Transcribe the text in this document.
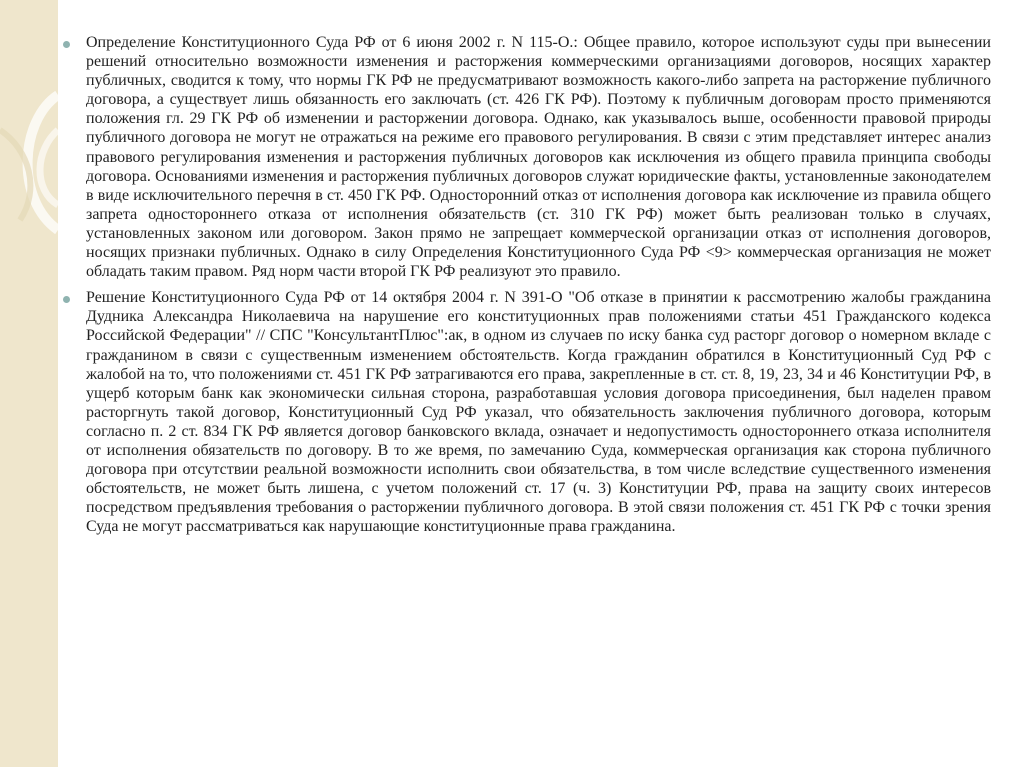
Определение Конституционного Суда РФ от 6 июня 2002 г. N 115-О.: Общее правило, которое используют суды при вынесении решений относительно возможности изменения и расторжения коммерческими организациями договоров, носящих характер публичных, сводится к тому, что нормы ГК РФ не предусматривают возможность какого-либо запрета на расторжение публичного договора, а существует лишь обязанность его заключать (ст. 426 ГК РФ). Поэтому к публичным договорам просто применяются положения гл. 29 ГК РФ об изменении и расторжении договора. Однако, как указывалось выше, особенности правовой природы публичного договора не могут не отражаться на режиме его правового регулирования. В связи с этим представляет интерес анализ правового регулирования изменения и расторжения публичных договоров как исключения из общего правила принципа свободы договора. Основаниями изменения и расторжения публичных договоров служат юридические факты, установленные законодателем в виде исключительного перечня в ст. 450 ГК РФ. Односторонний отказ от исполнения договора как исключение из правила общего запрета одностороннего отказа от исполнения обязательств (ст. 310 ГК РФ) может быть реализован только в случаях, установленных законом или договором. Закон прямо не запрещает коммерческой организации отказ от исполнения договоров, носящих признаки публичных. Однако в силу Определения Конституционного Суда РФ <9> коммерческая организация не может обладать таким правом. Ряд норм части второй ГК РФ реализуют это правило.

Решение Конституционного Суда РФ от 14 октября 2004 г. N 391-О "Об отказе в принятии к рассмотрению жалобы гражданина Дудника Александра Николаевича на нарушение его конституционных прав положениями статьи 451 Гражданского кодекса Российской Федерации" // СПС "КонсультантПлюс":ак, в одном из случаев по иску банка суд расторг договор о номерном вкладе с гражданином в связи с существенным изменением обстоятельств. Когда гражданин обратился в Конституционный Суд РФ с жалобой на то, что положениями ст. 451 ГК РФ затрагиваются его права, закрепленные в ст. ст. 8, 19, 23, 34 и 46 Конституции РФ, в ущерб которым банк как экономически сильная сторона, разработавшая условия договора присоединения, был наделен правом расторгнуть такой договор, Конституционный Суд РФ указал, что обязательность заключения публичного договора, которым согласно п. 2 ст. 834 ГК РФ является договор банковского вклада, означает и недопустимость одностороннего отказа исполнителя от исполнения обязательств по договору. В то же время, по замечанию Суда, коммерческая организация как сторона публичного договора при отсутствии реальной возможности исполнить свои обязательства, в том числе вследствие существенного изменения обстоятельств, не может быть лишена, с учетом положений ст. 17 (ч. 3) Конституции РФ, права на защиту своих интересов посредством предъявления требования о расторжении публичного договора. В этой связи положения ст. 451 ГК РФ с точки зрения Суда не могут рассматриваться как нарушающие конституционные права гражданина.
